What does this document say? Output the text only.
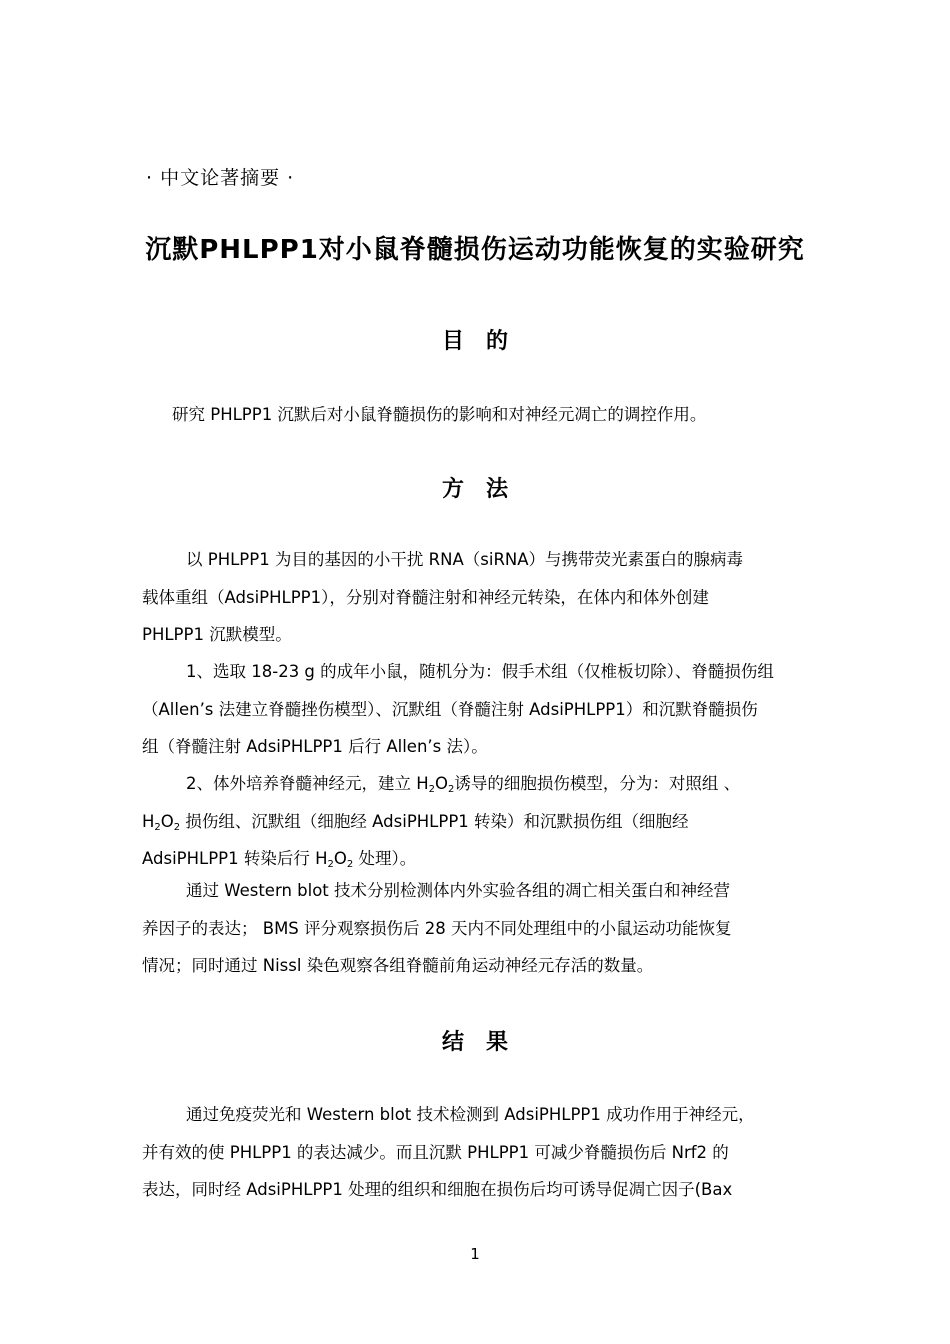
· 中文论著摘要 ·
沉默PHLPP1对小鼠脊髓损伤运动功能恢复的实验研究
目的
研究 PHLPP1 沉默后对小鼠脊髓损伤的影响和对神经元凋亡的调控作用。
方法
以 PHLPP1 为目的基因的小干扰 RNA（siRNA）与携带荧光素蛋白的腺病毒
载体重组（AdsiPHLPP1），分别对脊髓注射和神经元转染，在体内和体外创建
PHLPP1 沉默模型。
1、选取 18-23 g 的成年小鼠，随机分为：假手术组（仅椎板切除）、脊髓损伤组
（Allen’s 法建立脊髓挫伤模型）、沉默组（脊髓注射 AdsiPHLPP1）和沉默脊髓损伤
组（脊髓注射 AdsiPHLPP1 后行 Allen’s 法）。
2、体外培养脊髓神经元，建立 $H_2O_2$诱导的细胞损伤模型，分为：对照组 、
$H_2O_2$ 损伤组、沉默组（细胞经 AdsiPHLPP1 转染）和沉默损伤组（细胞经
AdsiPHLPP1 转染后行 $H_2O_2$ 处理）。
通过 Western blot 技术分别检测体内外实验各组的凋亡相关蛋白和神经营
养因子的表达； BMS 评分观察损伤后 28 天内不同处理组中的小鼠运动功能恢复
情况；同时通过 Nissl 染色观察各组脊髓前角运动神经元存活的数量。
结果
通过免疫荧光和 Western blot 技术检测到 AdsiPHLPP1 成功作用于神经元，
并有效的使 PHLPP1 的表达减少。而且沉默 PHLPP1 可减少脊髓损伤后 Nrf2 的
表达，同时经 AdsiPHLPP1 处理的组织和细胞在损伤后均可诱导促凋亡因子(Bax
1
